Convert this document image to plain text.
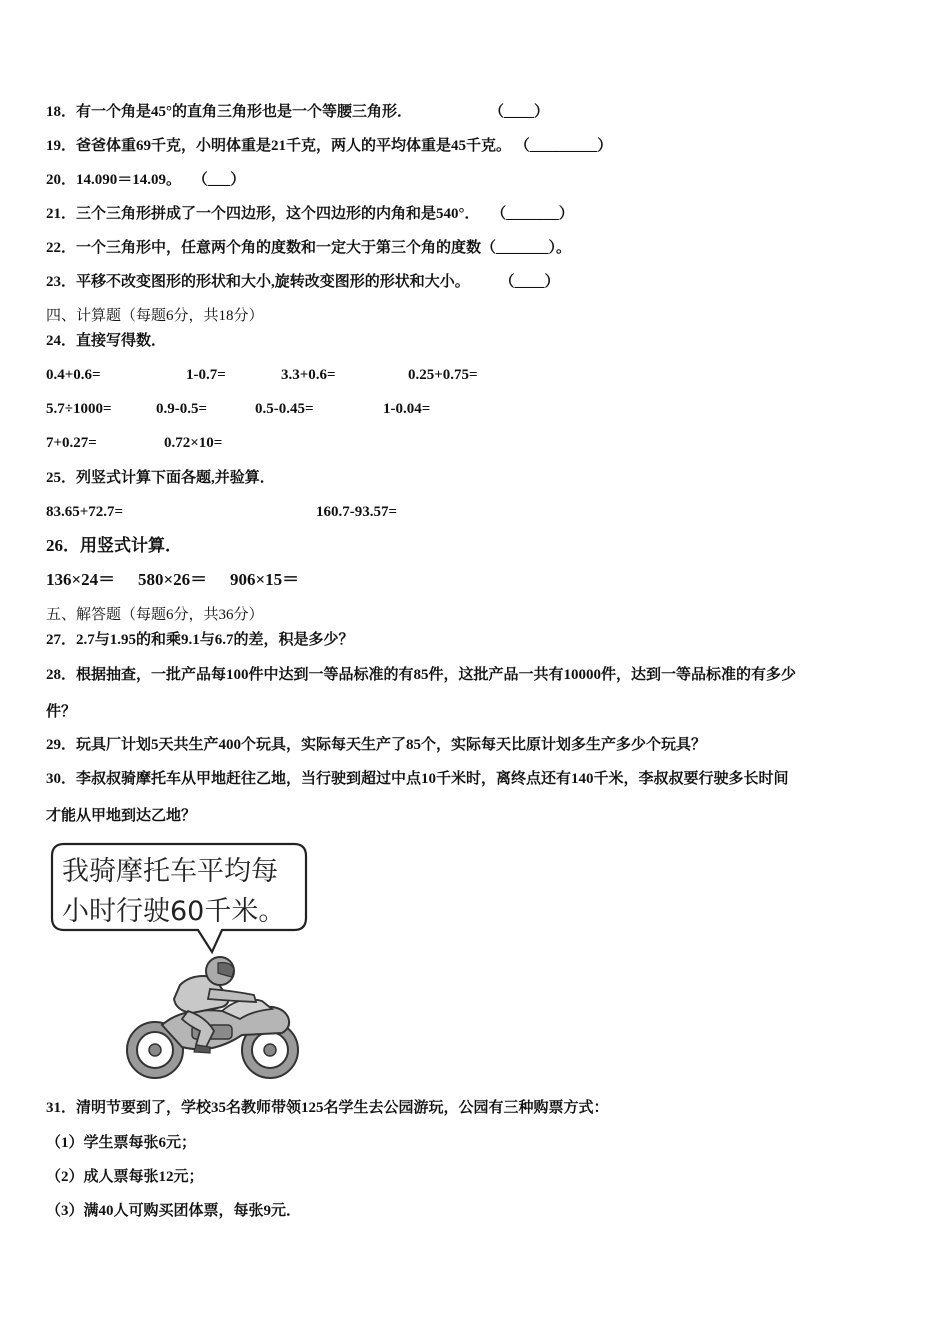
18．有一个角是45°的直角三角形也是一个等腰三角形．	（____）
19．爸爸体重69千克，小明体重是21千克，两人的平均体重是45千克。 （_________）
20．14.090＝14.09。 （___）
21．三个三角形拼成了一个四边形，这个四边形的内角和是540°． （_______）
22．一个三角形中，任意两个角的度数和一定大于第三个角的度数（_______）。
23．平移不改变图形的形状和大小,旋转改变图形的形状和大小。 （____）
四、计算题（每题6分，共18分）
24．直接写得数．
0.4+0.6=	1-0.7=	3.3+0.6=	0.25+0.75=
5.7÷1000=	0.9-0.5=	0.5-0.45=	1-0.04=
7+0.27=	0.72×10=
25．列竖式计算下面各题,并验算．
83.65+72.7=	160.7-93.57=
26．用竖式计算．
136×24＝ 580×26＝ 906×15＝
五、解答题（每题6分，共36分）
27．2.7与1.95的和乘9.1与6.7的差，积是多少？
28．根据抽查，一批产品每100件中达到一等品标准的有85件，这批产品一共有10000件，达到一等品标准的有多少
件？
29．玩具厂计划5天共生产400个玩具，实际每天生产了85个，实际每天比原计划多生产多少个玩具？
30．李叔叔骑摩托车从甲地赶往乙地，当行驶到超过中点10千米时，离终点还有140千米，李叔叔要行驶多长时间
才能从甲地到达乙地？
我骑摩托车平均每小时行驶60千米。
31．清明节要到了，学校35名教师带领125名学生去公园游玩，公园有三种购票方式：
（1）学生票每张6元；
（2）成人票每张12元；
（3）满40人可购买团体票，每张9元．
